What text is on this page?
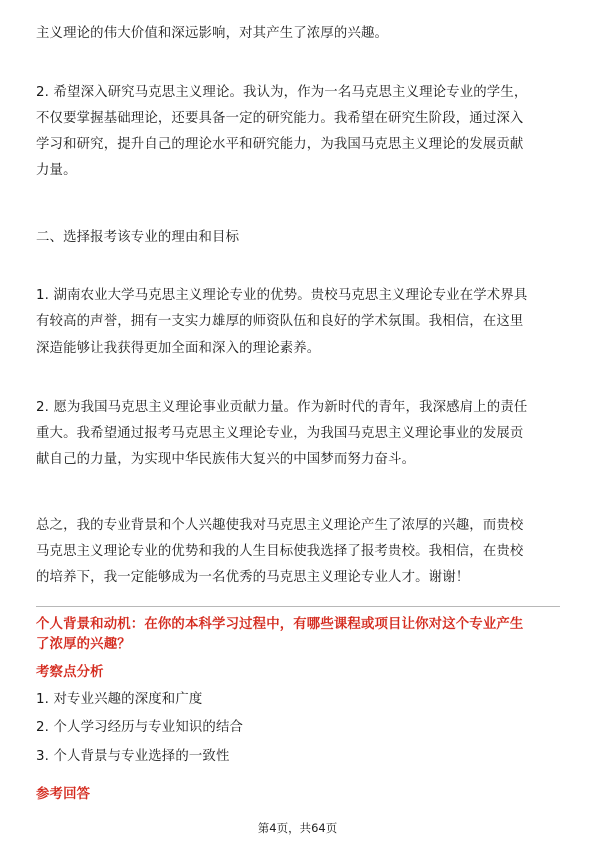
主义理论的伟大价值和深远影响，对其产生了浓厚的兴趣。
2. 希望深入研究马克思主义理论。我认为，作为一名马克思主义理论专业的学生，
不仅要掌握基础理论，还要具备一定的研究能力。我希望在研究生阶段，通过深入
学习和研究，提升自己的理论水平和研究能力，为我国马克思主义理论的发展贡献
力量。
二、选择报考该专业的理由和目标
1. 湖南农业大学马克思主义理论专业的优势。贵校马克思主义理论专业在学术界具
有较高的声誉，拥有一支实力雄厚的师资队伍和良好的学术氛围。我相信，在这里
深造能够让我获得更加全面和深入的理论素养。
2. 愿为我国马克思主义理论事业贡献力量。作为新时代的青年，我深感肩上的责任
重大。我希望通过报考马克思主义理论专业，为我国马克思主义理论事业的发展贡
献自己的力量，为实现中华民族伟大复兴的中国梦而努力奋斗。
总之，我的专业背景和个人兴趣使我对马克思主义理论产生了浓厚的兴趣，而贵校
马克思主义理论专业的优势和我的人生目标使我选择了报考贵校。我相信，在贵校
的培养下，我一定能够成为一名优秀的马克思主义理论专业人才。谢谢！
个人背景和动机：在你的本科学习过程中，有哪些课程或项目让你对这个专业产生
了浓厚的兴趣？
考察点分析
1. 对专业兴趣的深度和广度
2. 个人学习经历与专业知识的结合
3. 个人背景与专业选择的一致性
参考回答
第4页，共64页
